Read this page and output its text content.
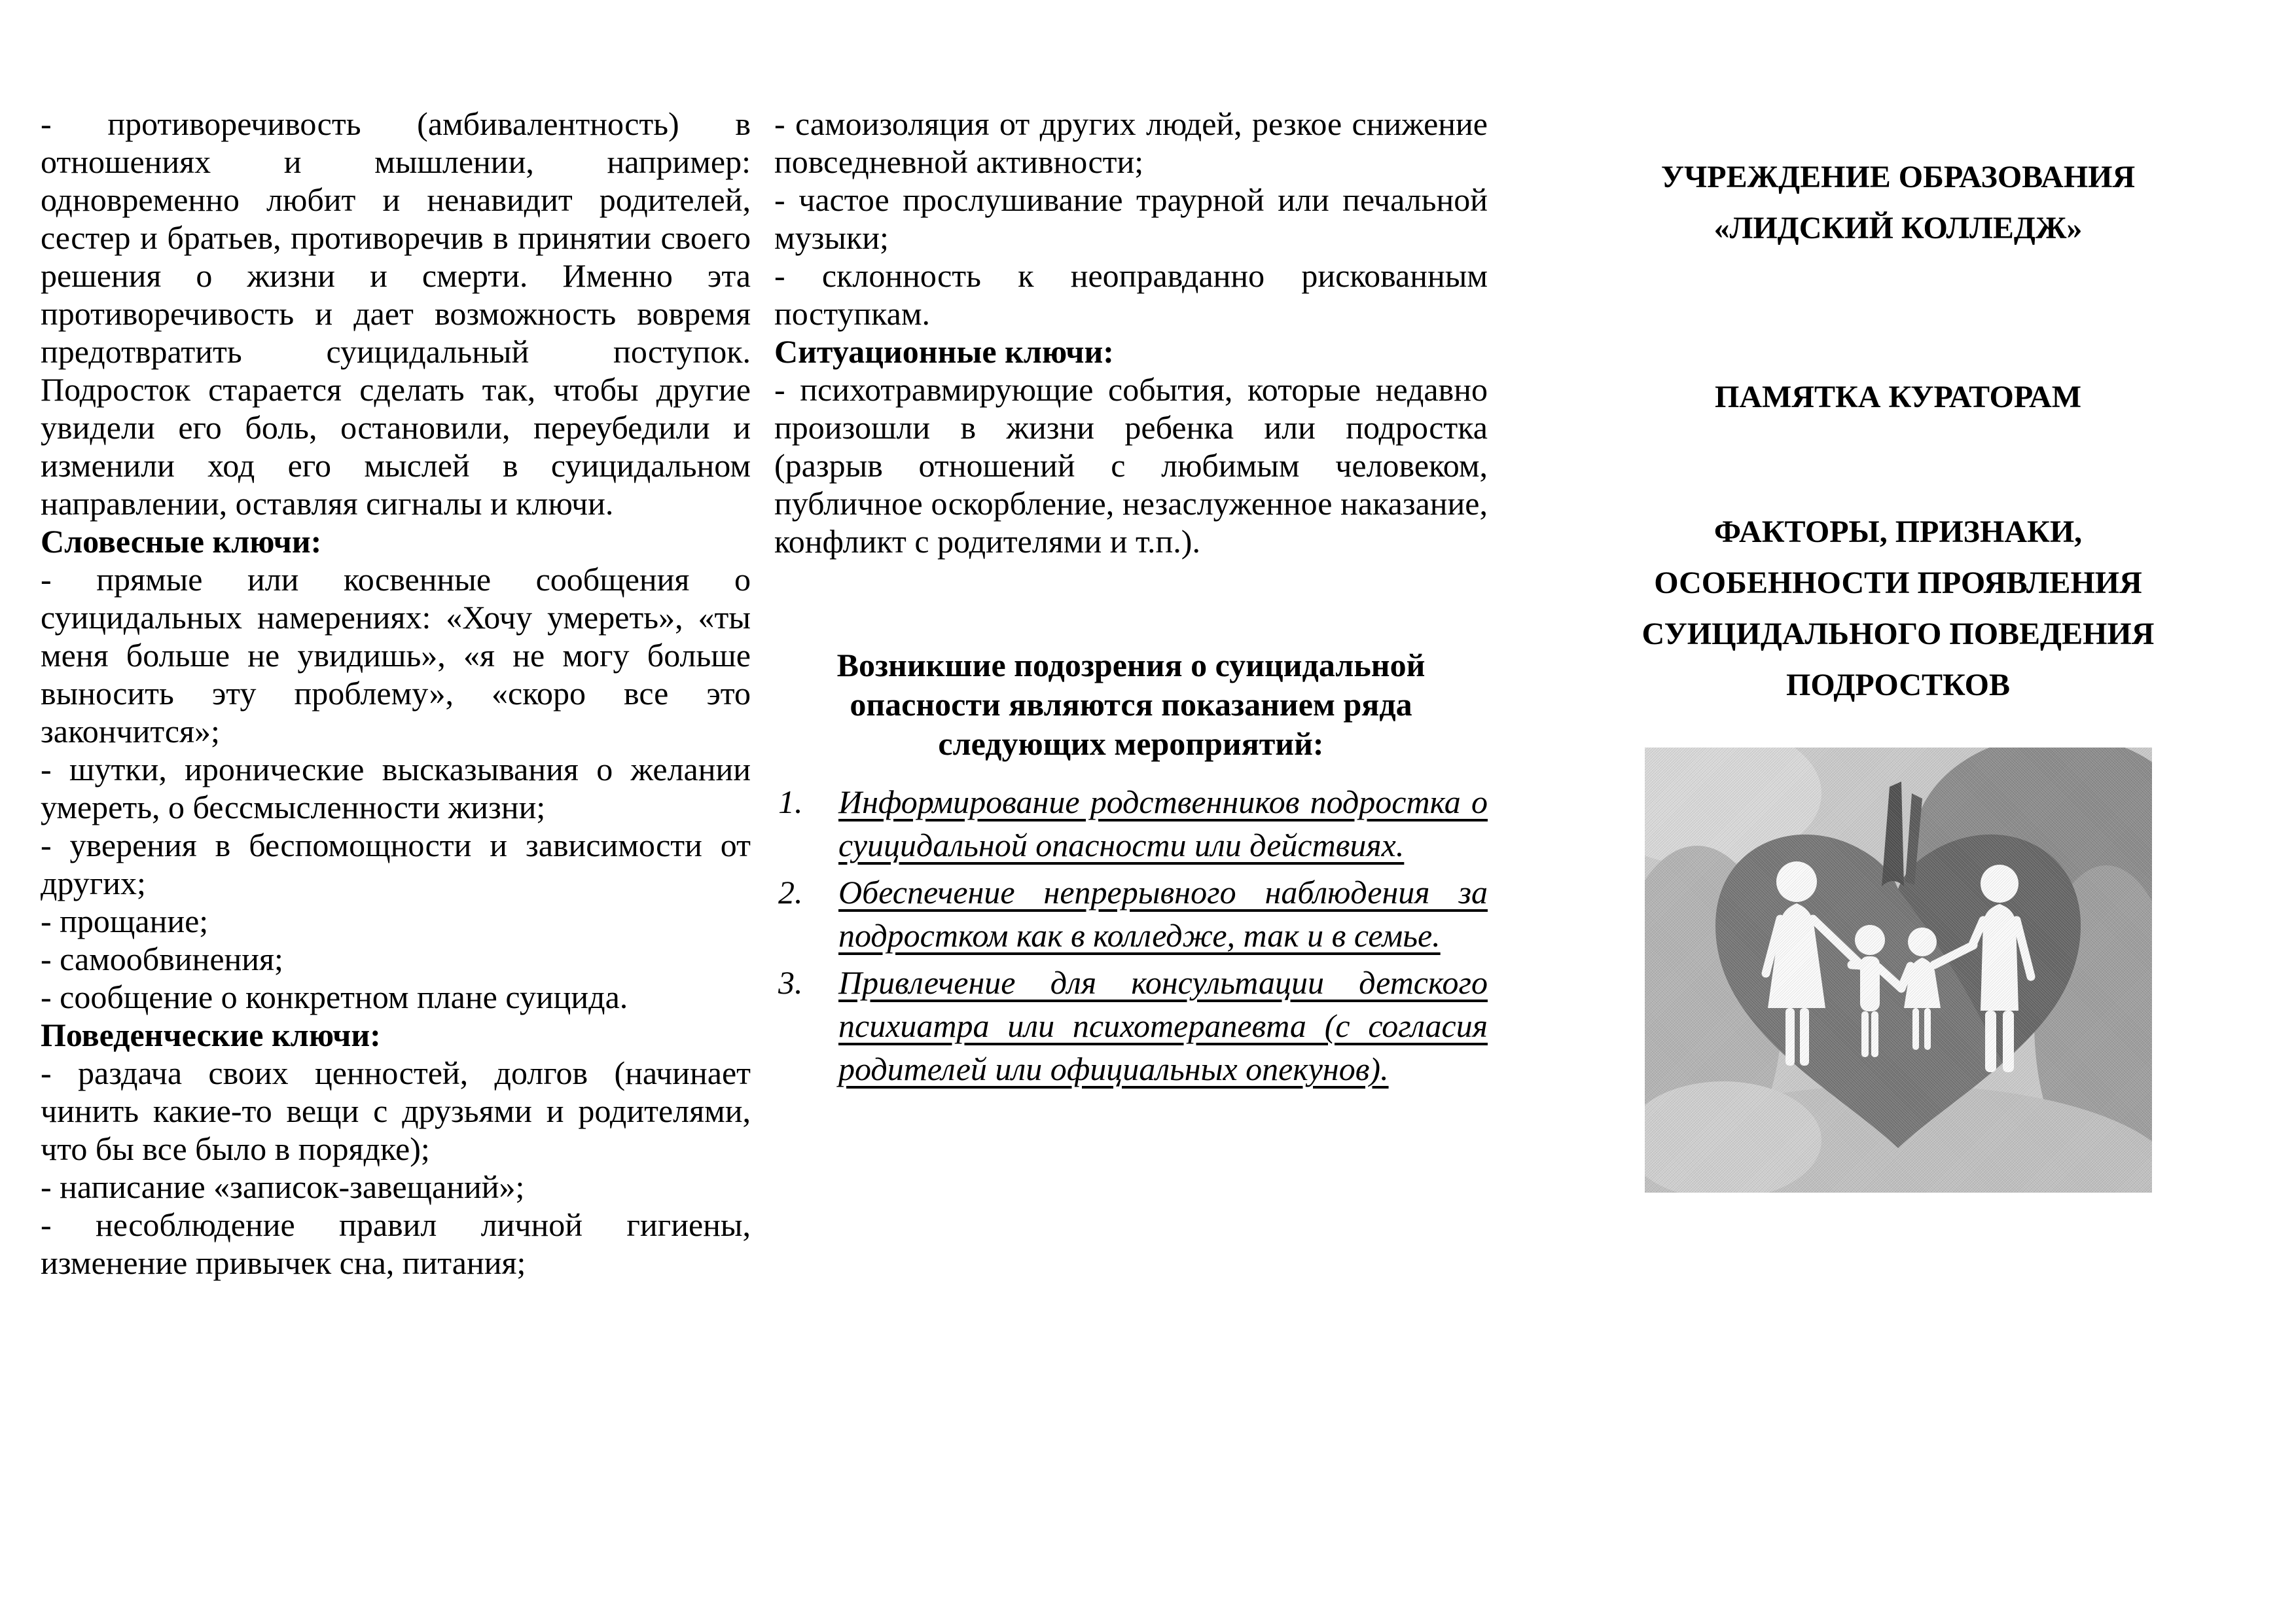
- противоречивость (амбивалентность) в отношениях и мышлении, например: одновременно любит и ненавидит родителей, сестер и братьев, противоречив в принятии своего решения о жизни и смерти. Именно эта противоречивость и дает возможность вовремя предотвратить суицидальный поступок. Подросток старается сделать так, чтобы другие увидели его боль, остановили, переубедили и изменили ход его мыслей в суицидальном направлении, оставляя сигналы и ключи.

Словесные ключи:

- прямые или косвенные сообщения о суицидальных намерениях: «Хочу умереть», «ты меня больше не увидишь», «я не могу больше выносить эту проблему», «скоро все это закончится»;

- шутки, иронические высказывания о желании умереть, о бессмысленности жизни;

- уверения в беспомощности и зависимости от других;

- прощание;

- самообвинения;

- сообщение о конкретном плане суицида.

Поведенческие ключи:

- раздача своих ценностей, долгов (начинает чинить какие-то вещи с друзьями и родителями, что бы все было в порядке);

- написание «записок-завещаний»;

- несоблюдение правил личной гигиены, изменение привычек сна, питания;

- самоизоляция от других людей, резкое снижение повседневной активности;

- частое прослушивание траурной или печальной музыки;

- склонность к неоправданно рискованным поступкам.

Ситуационные ключи:

- психотравмирующие события, которые недавно произошли в жизни ребенка или подростка (разрыв отношений с любимым человеком, публичное оскорбление, незаслуженное наказание, конфликт с родителями и т.п.).

Возникшие подозрения о суицидальной опасности являются показанием ряда следующих мероприятий:
Информирование родственников подростка о суицидальной опасности или действиях.
Обеспечение непрерывного наблюдения за подростком как в колледже, так и в семье.
Привлечение для консультации детского психиатра или психотерапевта (с согласия родителей или официальных опекунов).
УЧРЕЖДЕНИЕ ОБРАЗОВАНИЯ
«ЛИДСКИЙ КОЛЛЕДЖ»
ПАМЯТКА КУРАТОРАМ
ФАКТОРЫ, ПРИЗНАКИ,
ОСОБЕННОСТИ ПРОЯВЛЕНИЯ
СУИЦИДАЛЬНОГО ПОВЕДЕНИЯ
ПОДРОСТКОВ
